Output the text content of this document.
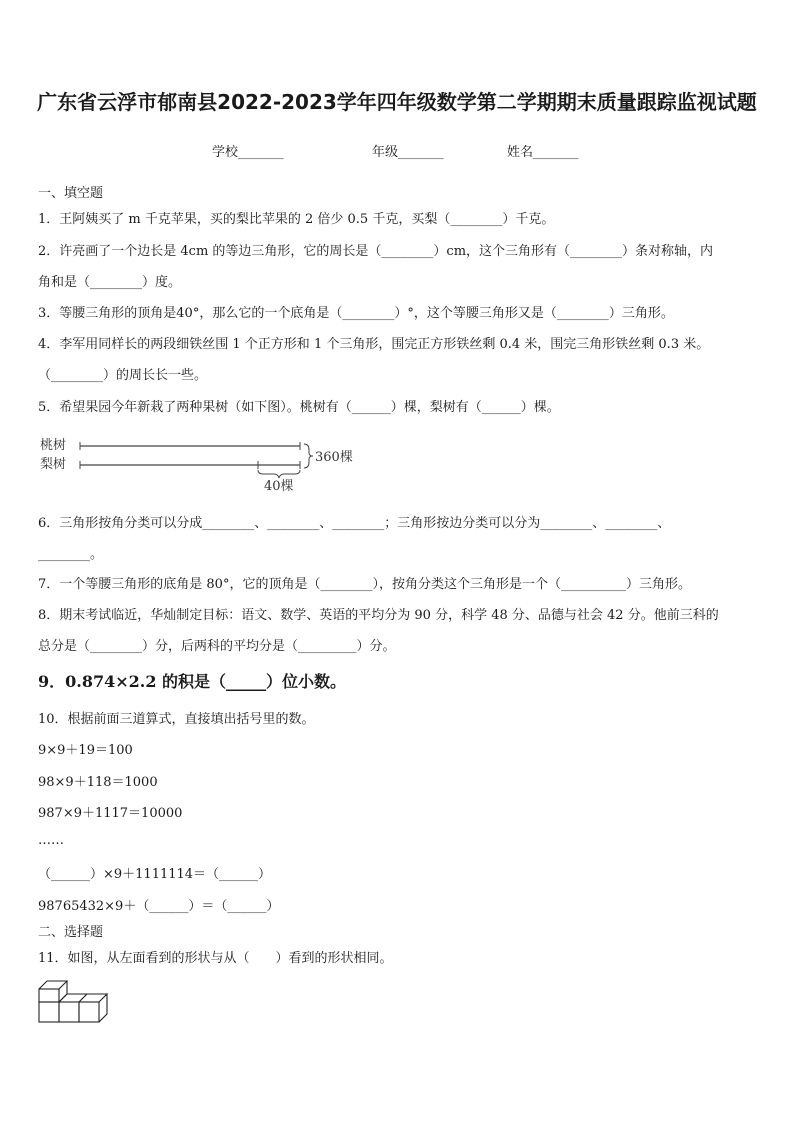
广东省云浮市郁南县2022-2023学年四年级数学第二学期期末质量跟踪监视试题
学校_______	年级_______	姓名_______
一、填空题
1．王阿姨买了 m 千克苹果，买的梨比苹果的 2 倍少 0.5 千克，买梨（________）千克。
2．许亮画了一个边长是 4cm 的等边三角形，它的周长是（________）cm，这个三角形有（________）条对称轴，内
角和是（________）度。
3．等腰三角形的顶角是40°，那么它的一个底角是（________）°，这个等腰三角形又是（________）三角形。
4．李军用同样长的两段细铁丝围 1 个正方形和 1 个三角形，围完正方形铁丝剩 0.4 米，围完三角形铁丝剩 0.3 米。
（________）的周长长一些。
5．希望果园今年新栽了两种果树（如下图）。桃树有（______）棵，梨树有（______）棵。
桃树
梨树	360棵
40棵
6．三角形按角分类可以分成________、________、________；三角形按边分类可以分为________、________、
________。
7．一个等腰三角形的底角是 80°，它的顶角是（________），按角分类这个三角形是一个（__________）三角形。
8．期末考试临近，华灿制定目标：语文、数学、英语的平均分为 90 分，科学 48 分、品德与社会 42 分。他前三科的
总分是（________）分，后两科的平均分是（_________）分。
9．0.874×2.2 的积是（_____）位小数。
10．根据前面三道算式，直接填出括号里的数。
9×9＋19＝100
98×9＋118＝1000
987×9＋1117＝10000
……
（______）×9＋1111114＝（______）
98765432×9＋（______）＝（______）
二、选择题
11．如图，从左面看到的形状与从（　　）看到的形状相同。
